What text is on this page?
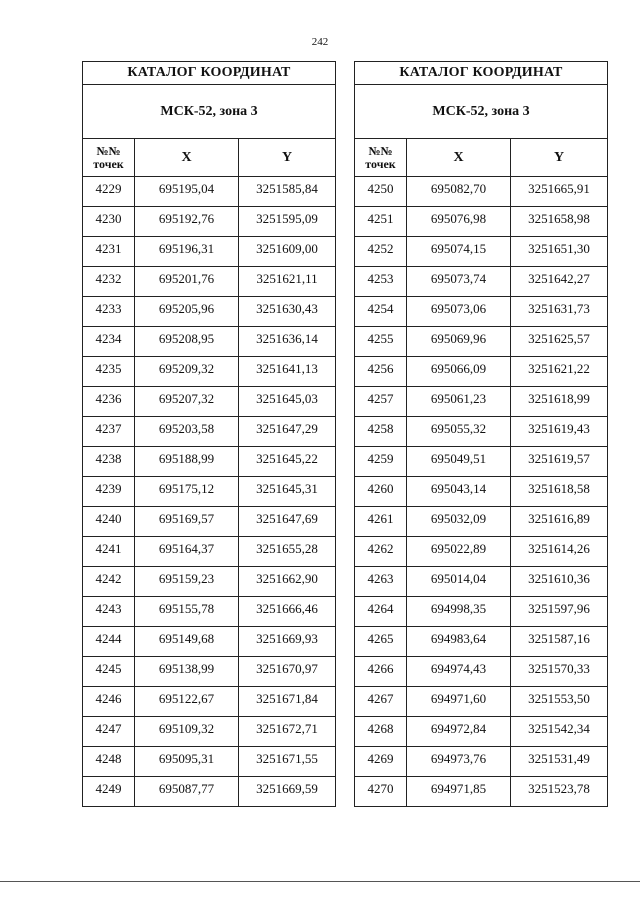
242
КАТАЛОГ КООРДИНАТ		
МСК-52, зона 3		

№№
точек	X	Y
4229	695195,04	3251585,84
4230	695192,76	3251595,09
4231	695196,31	3251609,00
4232	695201,76	3251621,11
4233	695205,96	3251630,43
4234	695208,95	3251636,14
4235	695209,32	3251641,13
4236	695207,32	3251645,03
4237	695203,58	3251647,29
4238	695188,99	3251645,22
4239	695175,12	3251645,31
4240	695169,57	3251647,69
4241	695164,37	3251655,28
4242	695159,23	3251662,90
4243	695155,78	3251666,46
4244	695149,68	3251669,93
4245	695138,99	3251670,97
4246	695122,67	3251671,84
4247	695109,32	3251672,71
4248	695095,31	3251671,55
4249	695087,77	3251669,59
КАТАЛОГ КООРДИНАТ		
МСК-52, зона 3		

№№
точек	X	Y
4250	695082,70	3251665,91
4251	695076,98	3251658,98
4252	695074,15	3251651,30
4253	695073,74	3251642,27
4254	695073,06	3251631,73
4255	695069,96	3251625,57
4256	695066,09	3251621,22
4257	695061,23	3251618,99
4258	695055,32	3251619,43
4259	695049,51	3251619,57
4260	695043,14	3251618,58
4261	695032,09	3251616,89
4262	695022,89	3251614,26
4263	695014,04	3251610,36
4264	694998,35	3251597,96
4265	694983,64	3251587,16
4266	694974,43	3251570,33
4267	694971,60	3251553,50
4268	694972,84	3251542,34
4269	694973,76	3251531,49
4270	694971,85	3251523,78
